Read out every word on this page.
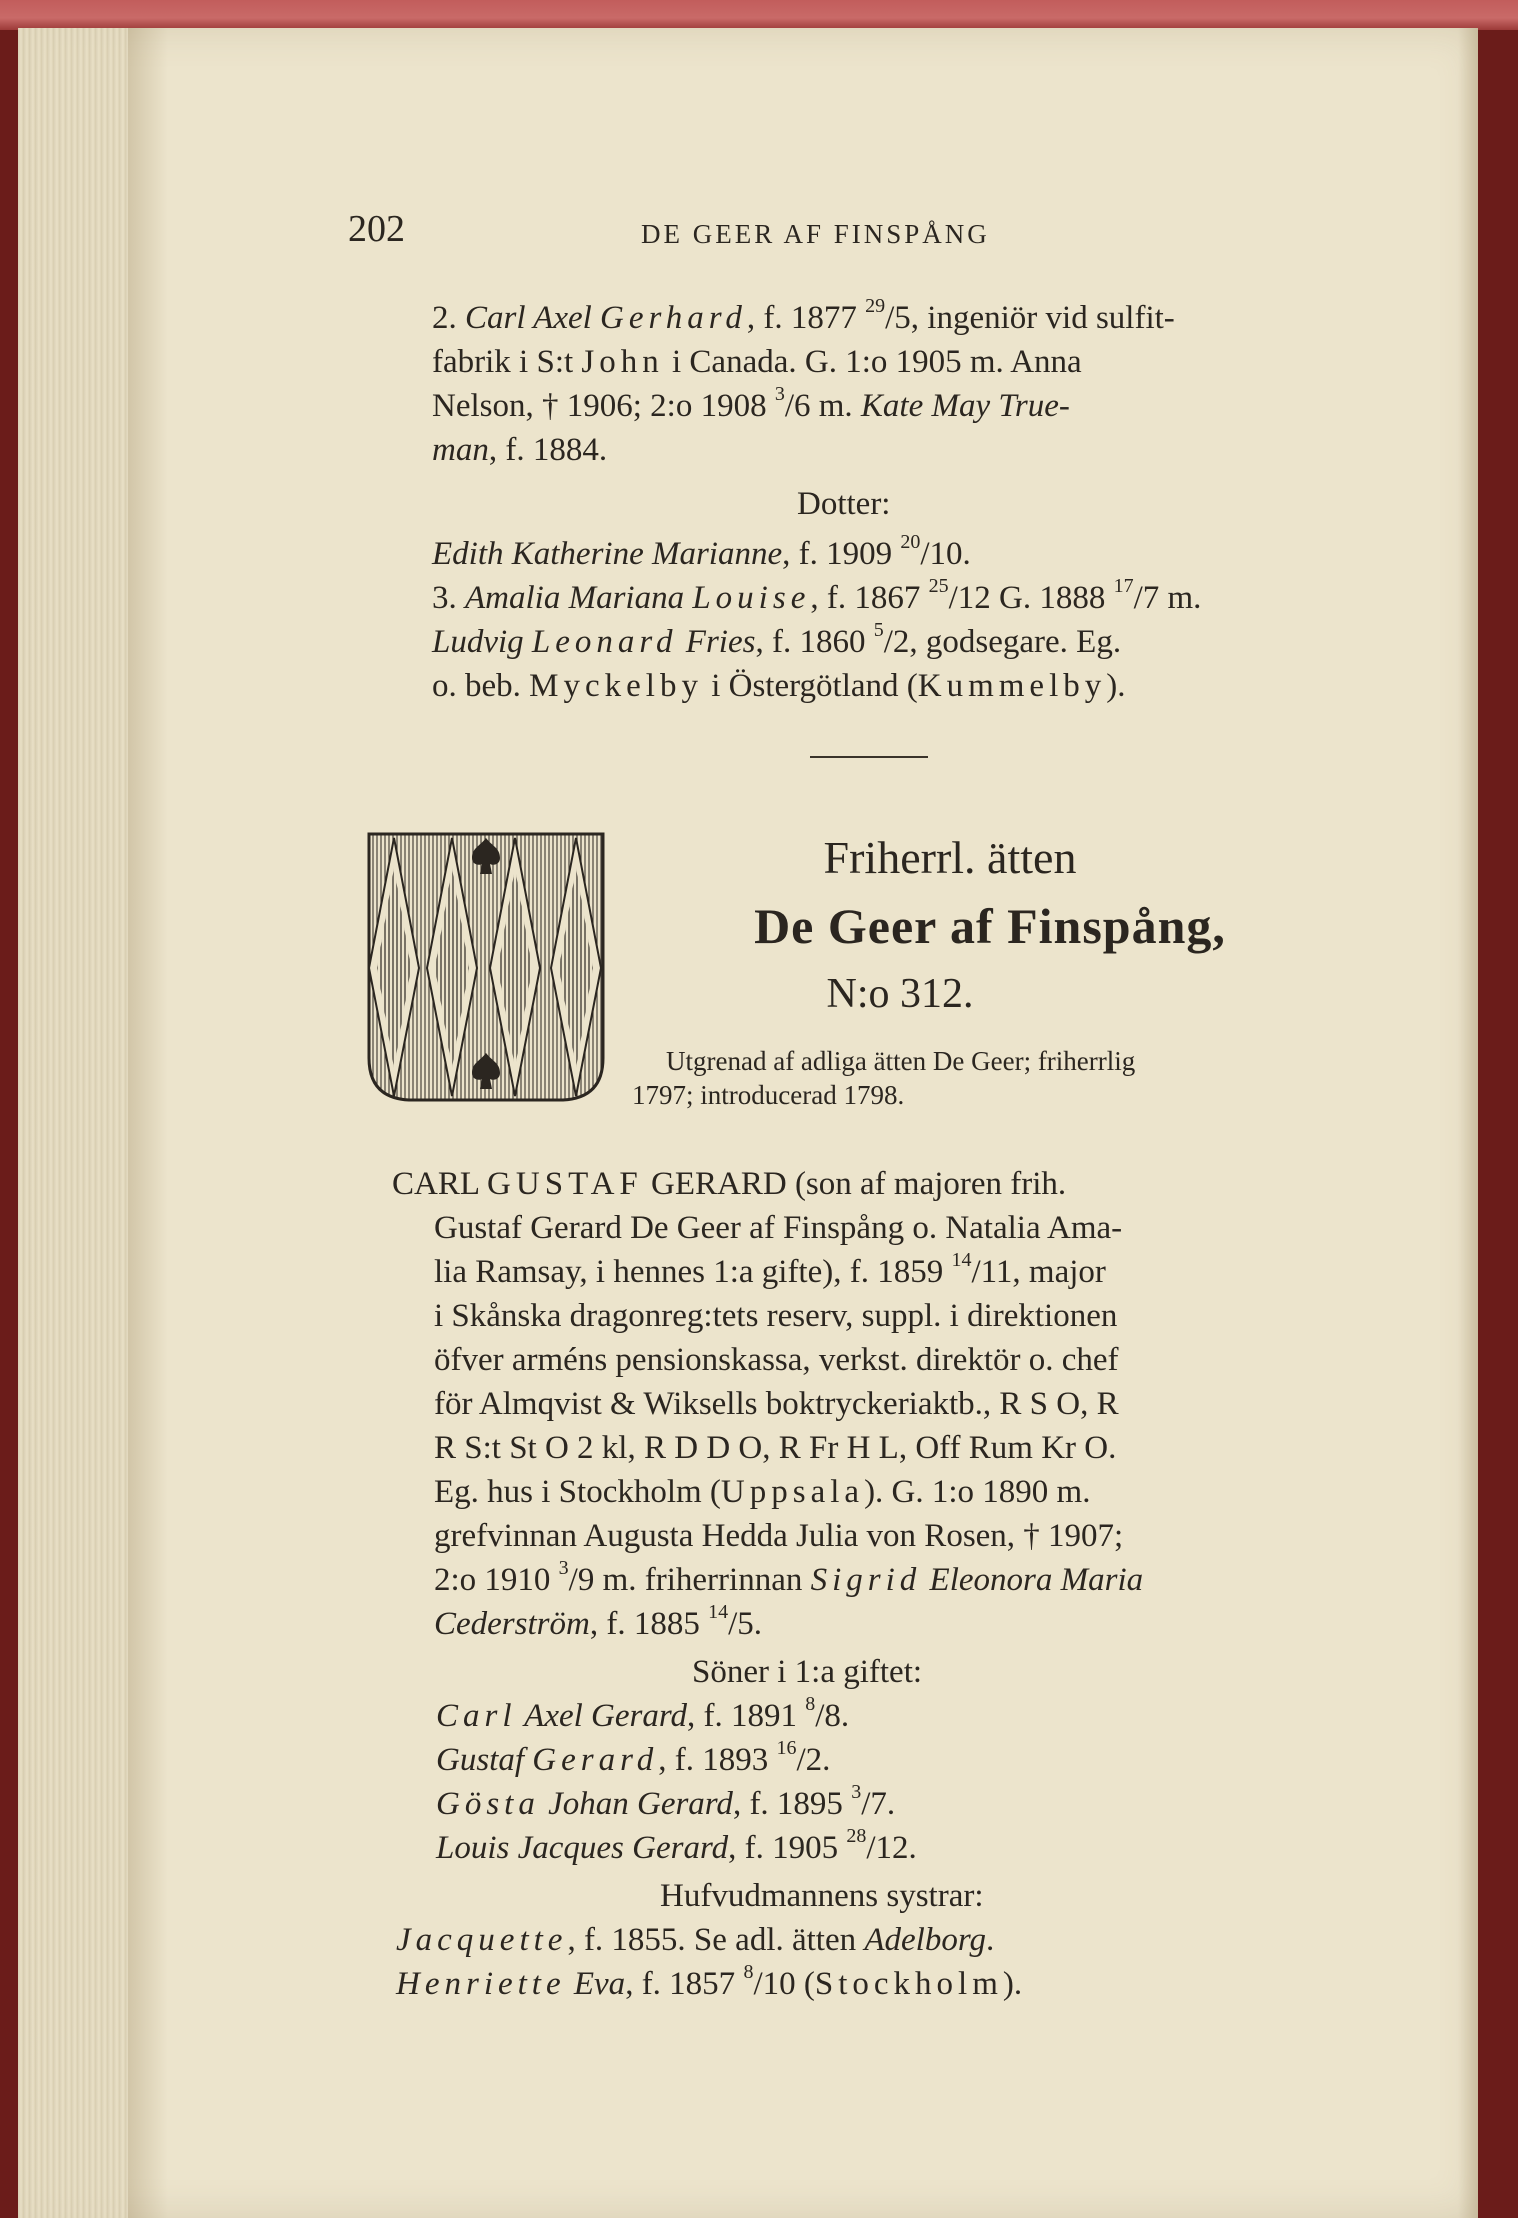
202	DE GEER AF FINSPÅNG
2. Carl Axel Gerhard, f. 1877 $^{29}$/5, ingeniör vid sulfit-
fabrik i S:t John i Canada. G. 1:o 1905 m. Anna
Nelson, † 1906; 2:o 1908 $^3$/6 m. Kate May True-
man, f. 1884.
Dotter:
Edith Katherine Marianne, f. 1909 $^{20}$/10.
3. Amalia Mariana Louise, f. 1867 $^{25}$/12 G. 1888 $^{17}$/7 m.
Ludvig Leonard Fries, f. 1860 $^5$/2, godsegare. Eg.
o. beb. Myckelby i Östergötland (Kummelby).
Friherrl. ätten
De Geer af Finspång,
N:o 312.
Utgrenad af adliga ätten De Geer; friherrlig
1797; introducerad 1798.
CARL GUSTAF GERARD (son af majoren frih.
Gustaf Gerard De Geer af Finspång o. Natalia Ama-
lia Ramsay, i hennes 1:a gifte), f. 1859 $^{14}$/11, major
i Skånska dragonreg:tets reserv, suppl. i direktionen
öfver arméns pensionskassa, verkst. direktör o. chef
för Almqvist & Wiksells boktryckeriaktb., R S O, R
R S:t St O 2 kl, R D D O, R Fr H L, Off Rum Kr O.
Eg. hus i Stockholm (Uppsala). G. 1:o 1890 m.
grefvinnan Augusta Hedda Julia von Rosen, † 1907;
2:o 1910 $^3$/9 m. friherrinnan Sigrid Eleonora Maria
Cederström, f. 1885 $^{14}$/5.
Söner i 1:a giftet:
Carl Axel Gerard, f. 1891 $^8$/8.
Gustaf Gerard, f. 1893 $^{16}$/2.
Gösta Johan Gerard, f. 1895 $^3$/7.
Louis Jacques Gerard, f. 1905 $^{28}$/12.
Hufvudmannens systrar:
Jacquette, f. 1855. Se adl. ätten Adelborg.
Henriette Eva, f. 1857 $^8$/10 (Stockholm).
